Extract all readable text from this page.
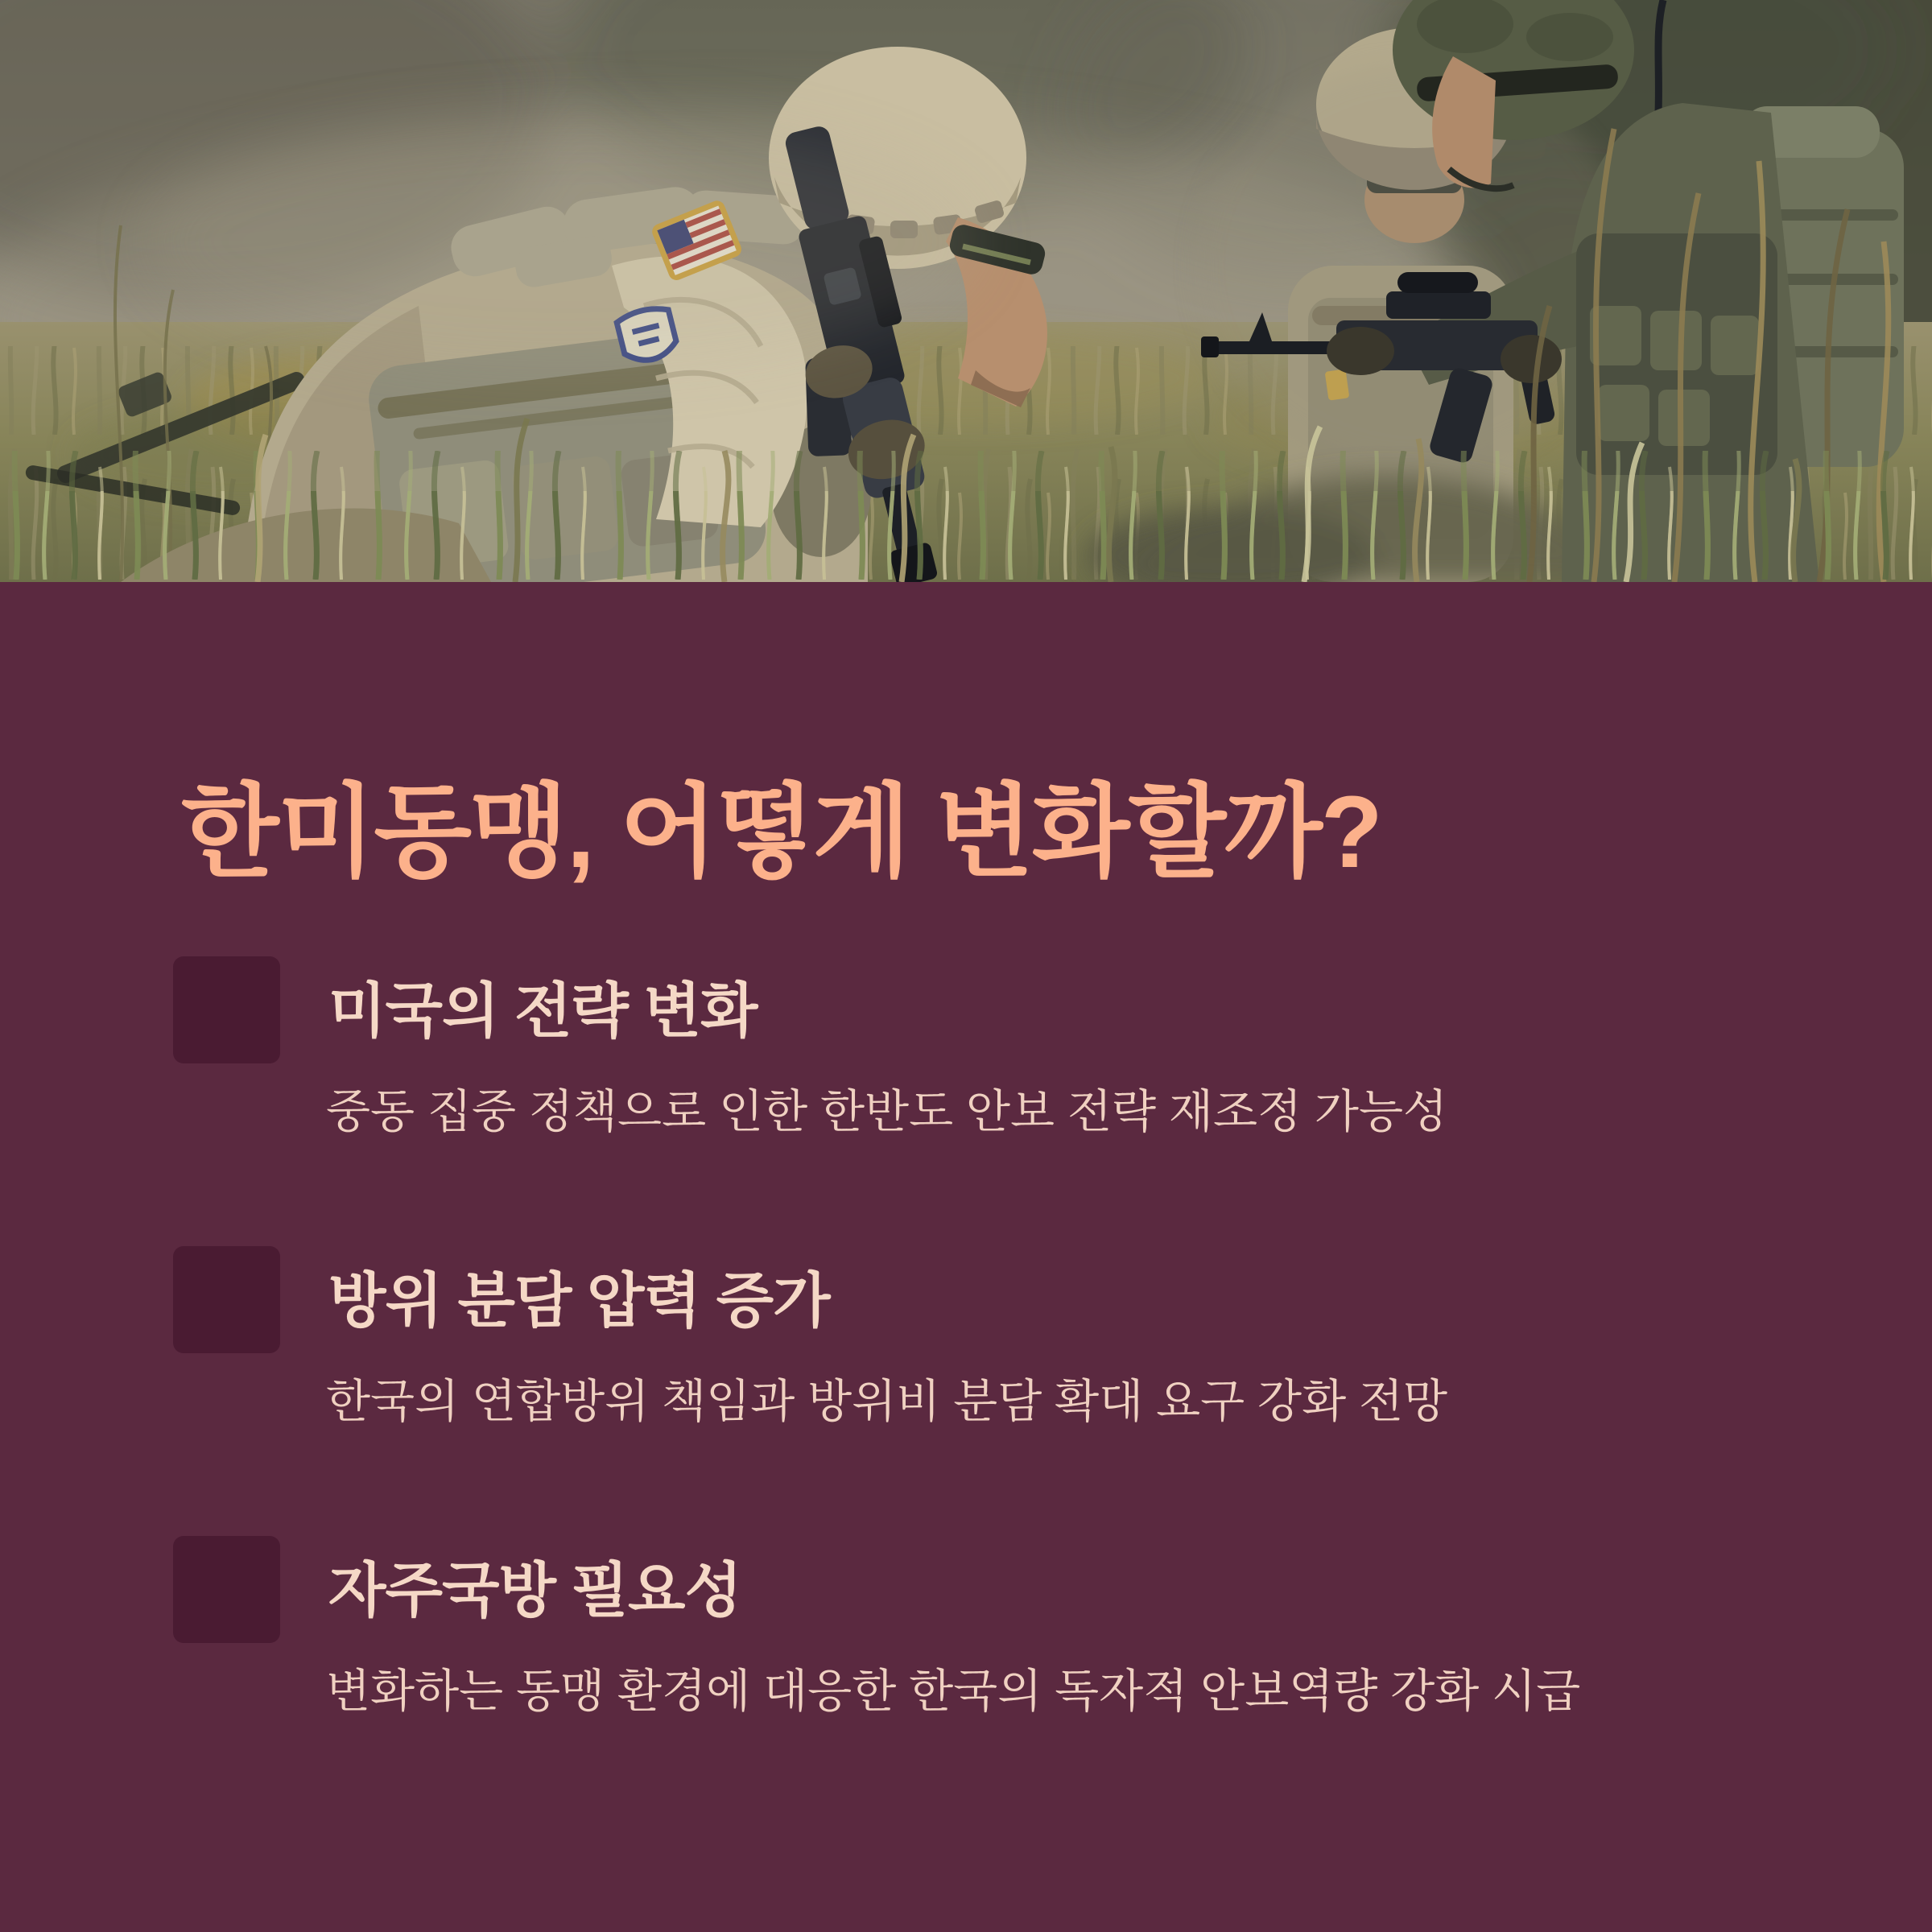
한미동맹, 어떻게 변화할까?
미국의 전략 변화
중동 집중 정책으로 인한 한반도 안보 전략 재조정 가능성
방위 분담 압력 증가
한국의 연합방위 책임과 방위비 분담 확대 요구 강화 전망
자주국방 필요성
변화하는 동맹 환경에 대응한 한국의 독자적 안보역량 강화 시급
